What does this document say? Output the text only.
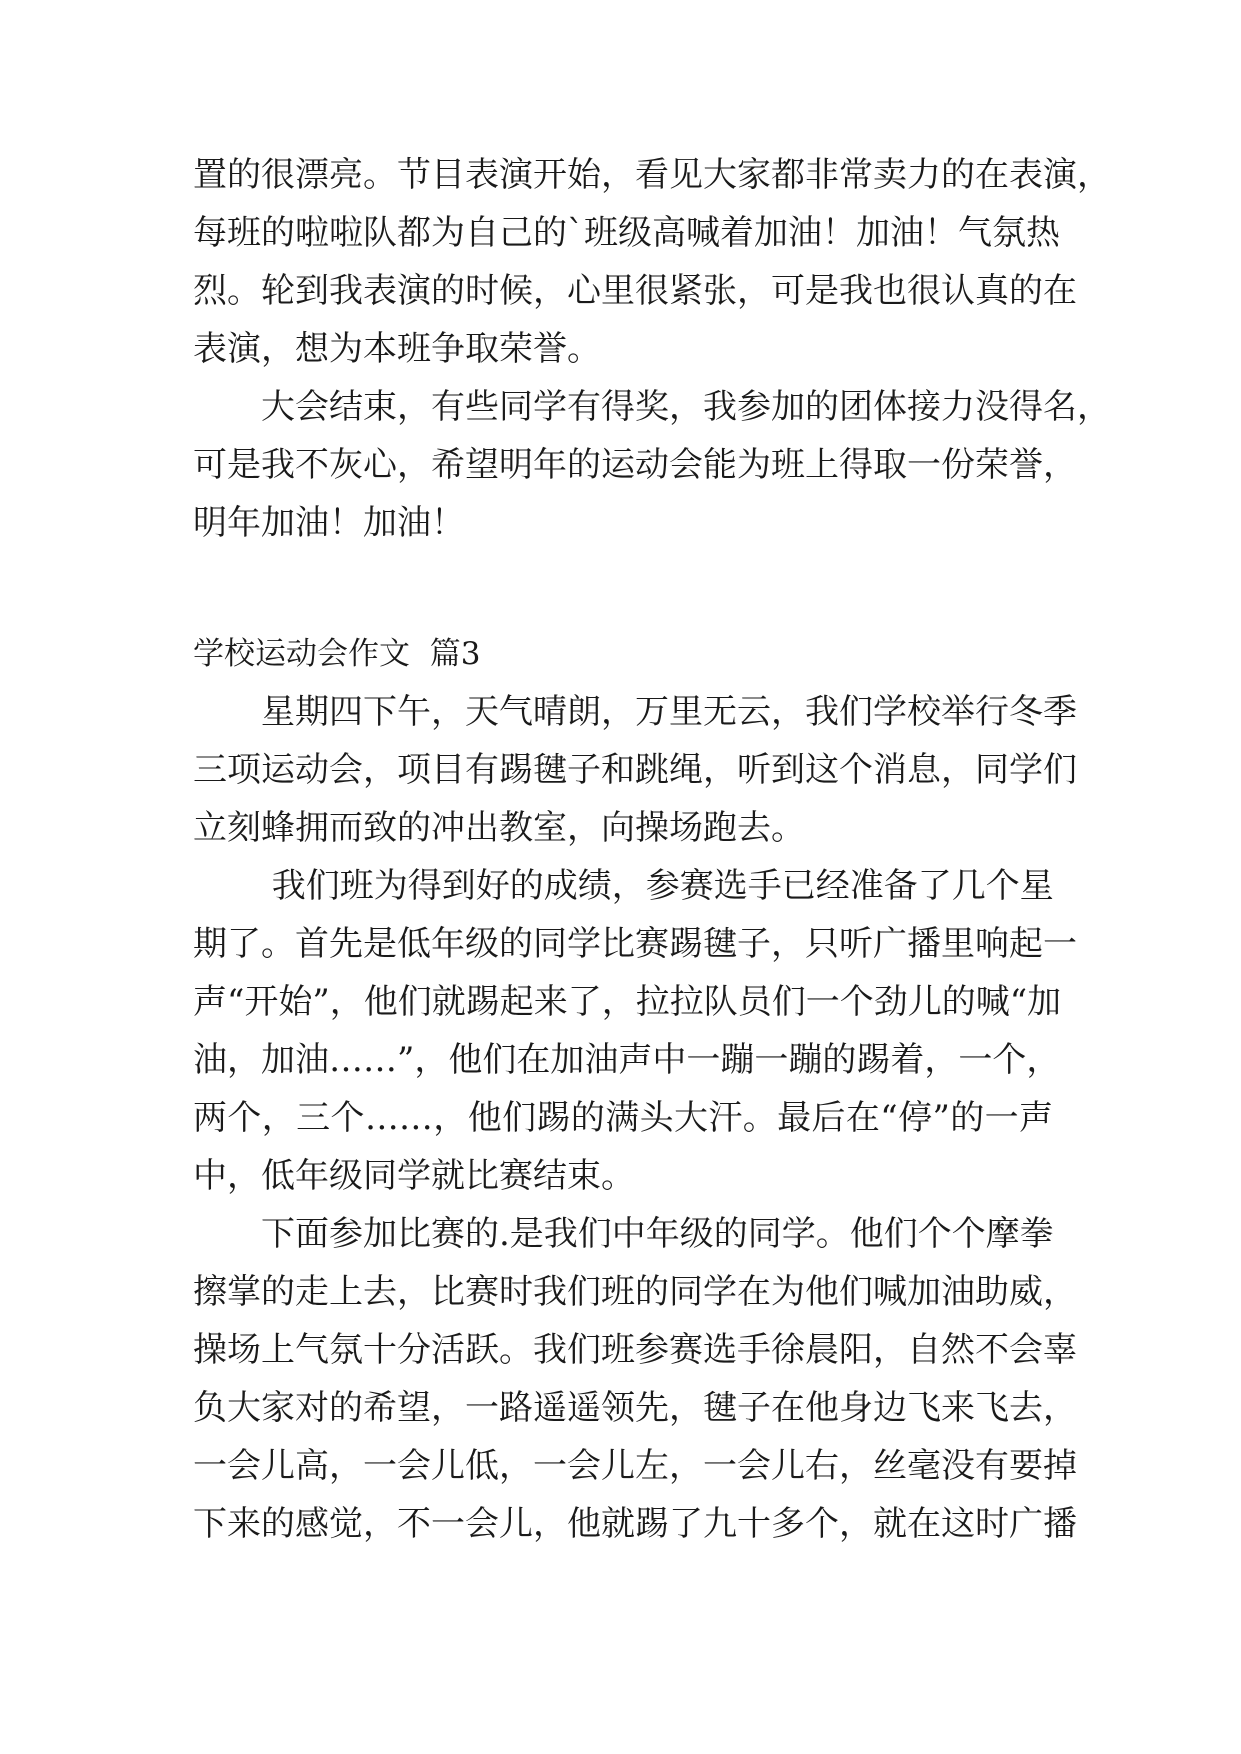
置的很漂亮。节目表演开始，看见大家都非常卖力的在表演，
每班的啦啦队都为自己的`班级高喊着加油！加油！气氛热
烈。轮到我表演的时候，心里很紧张，可是我也很认真的在
表演，想为本班争取荣誉。
　　大会结束，有些同学有得奖，我参加的团体接力没得名，
可是我不灰心，希望明年的运动会能为班上得取一份荣誉，
明年加油！加油！
学校运动会作文  篇3
　　星期四下午，天气晴朗，万里无云，我们学校举行冬季
三项运动会，项目有踢毽子和跳绳，听到这个消息，同学们
立刻蜂拥而致的冲出教室，向操场跑去。
　　 我们班为得到好的成绩，参赛选手已经准备了几个星
期了。首先是低年级的同学比赛踢毽子，只听广播里响起一
声“开始”，他们就踢起来了，拉拉队员们一个劲儿的喊“加
油，加油……”，他们在加油声中一蹦一蹦的踢着，一个，
两个，三个……，他们踢的满头大汗。最后在“停”的一声
中，低年级同学就比赛结束。
　　下面参加比赛的.是我们中年级的同学。他们个个摩拳
擦掌的走上去，比赛时我们班的同学在为他们喊加油助威，
操场上气氛十分活跃。我们班参赛选手徐晨阳，自然不会辜
负大家对的希望，一路遥遥领先，毽子在他身边飞来飞去，
一会儿高，一会儿低，一会儿左，一会儿右，丝毫没有要掉
下来的感觉，不一会儿，他就踢了九十多个，就在这时广播
